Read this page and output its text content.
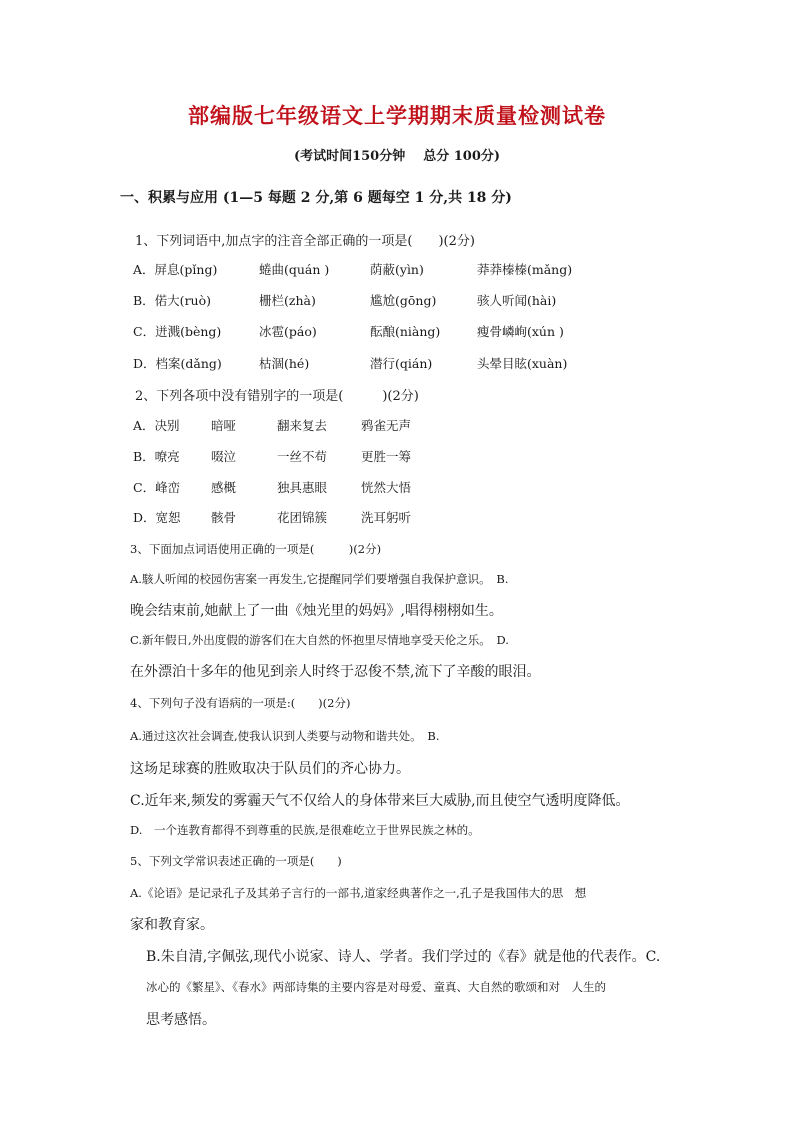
部编版七年级语文上学期期末质量检测试卷
(考试时间150分钟 总分 100分)
一、积累与应用 (1—5 每题 2 分,第 6 题每空 1 分,共 18 分)
1、下列词语中,加点字的注音全部正确的一项是(　　)(2分)
A．屏息(pǐng)	蜷曲(quán )	荫蔽(yìn)	莽莽榛榛(mǎng)
B．偌大(ruò)	栅栏(zhà)	尴尬(gōng)	骇人听闻(hài)
C．迸溅(bèng)	冰雹(páo)	酝酿(niàng)	瘦骨嶙峋(xún )
D．档案(dǎng)	枯涸(hé)	潜行(qián)	头晕目眩(xuàn)
2、下列各项中没有错别字的一项是(　　　)(2分)
A．决别	暗哑	翻来复去	鸦雀无声
B．嘹亮	啜泣	一丝不苟	更胜一筹
C．峰峦 感概	独具惠眼	恍然大悟
D．宽恕 骸骨	花团锦簇	洗耳躬听
3、下面加点词语使用正确的一项是(　　　)(2分)
A.駭人听闻的校园伤害案一再发生,它提醒同学们要增强自我保护意识。　B.
晚会结束前,她献上了一曲《烛光里的妈妈》,唱得栩栩如生。
C.新年假日,外出度假的游客们在大自然的怀抱里尽情地享受天伦之乐。　D.
在外漂泊十多年的他见到亲人时终于忍俊不禁,流下了辛酸的眼泪。
4、下列句子没有语病的一项是:(　　)(2分)
A.通过这次社会调查,使我认识到人类要与动物和谐共处。　B.
这场足球赛的胜败取决于队员们的齐心协力。
C.近年来,频发的雾霾天气不仅给人的身体带来巨大威胁,而且使空气透明度降低。
D.　一个连教育都得不到尊重的民族,是很难屹立于世界民族之林的。
5、下列文学常识表述正确的一项是(　　)
A.《论语》是记录孔子及其弟子言行的一部书,道家经典著作之一,孔子是我国伟大的思　想
家和教育家。
B.朱自清,字佩弦,现代小说家、诗人、学者。我们学过的《春》就是他的代表作。C.
冰心的《繁星》、《春水》两部诗集的主要内容是对母爱、童真、大自然的歌颂和对　人生的
思考感悟。
